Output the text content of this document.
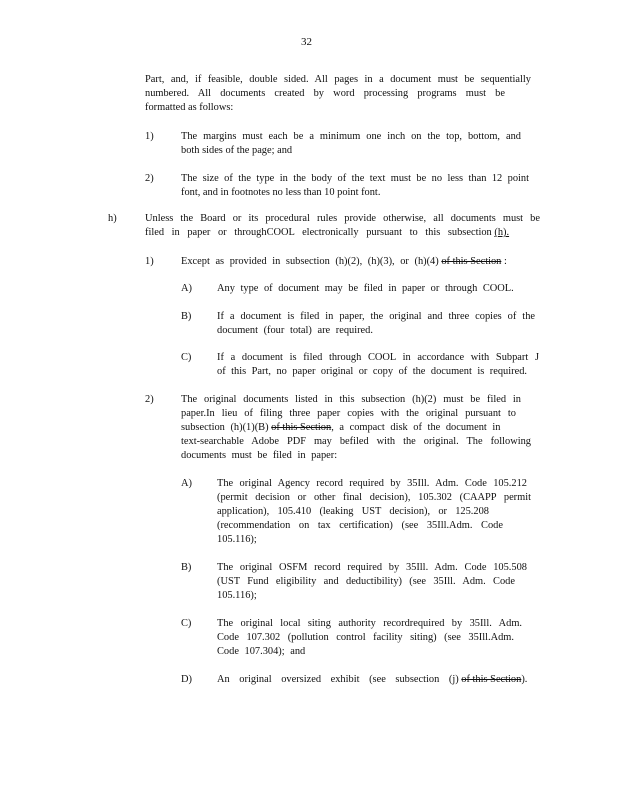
32
Part, and, if feasible, double sided. All pages in a document must be sequentially
numbered. All documents created by word processing programs must be
formatted as follows:
1)	The margins must each be a minimum one inch on the top, bottom, and
both sides of the page; and
2)	The size of the type in the body of the text must be no less than 12 point
font, and in footnotes no less than 10 point font.
h)	Unless the Board or its procedural rules provide otherwise, all documents must be
filed in paper or throughCOOL electronically pursuant to this subsection (h).
1)	Except as provided in subsection (h)(2), (h)(3), or (h)(4) of this Section :
A) Any type of document may be filed in paper or through COOL.
B) If a document is filed in paper, the original and three copies of the
document (four total) are required.
C) If a document is filed through COOL in accordance with Subpart J
of this Part, no paper original or copy of the document is required.
2)	The original documents listed in this subsection (h)(2) must be filed in
paper.In lieu of filing three paper copies with the original pursuant to
subsection (h)(1)(B) of this Section, a compact disk of the document in
text-searchable Adobe PDF may befiled with the original. The following
documents must be filed in paper:
A) The original Agency record required by 35Ill. Adm. Code 105.212
(permit decision or other final decision), 105.302 (CAAPP permit
application), 105.410 (leaking UST decision), or 125.208
(recommendation on tax certification) (see 35Ill.Adm. Code
105.116);
B) The original OSFM record required by 35Ill. Adm. Code 105.508
(UST Fund eligibility and deductibility) (see 35Ill. Adm. Code
105.116);
C) The original local siting authority recordrequired by 35Ill. Adm.
Code 107.302 (pollution control facility siting) (see 35Ill.Adm.
Code 107.304); and
D) An original oversized exhibit (see subsection (j) of this Section).
